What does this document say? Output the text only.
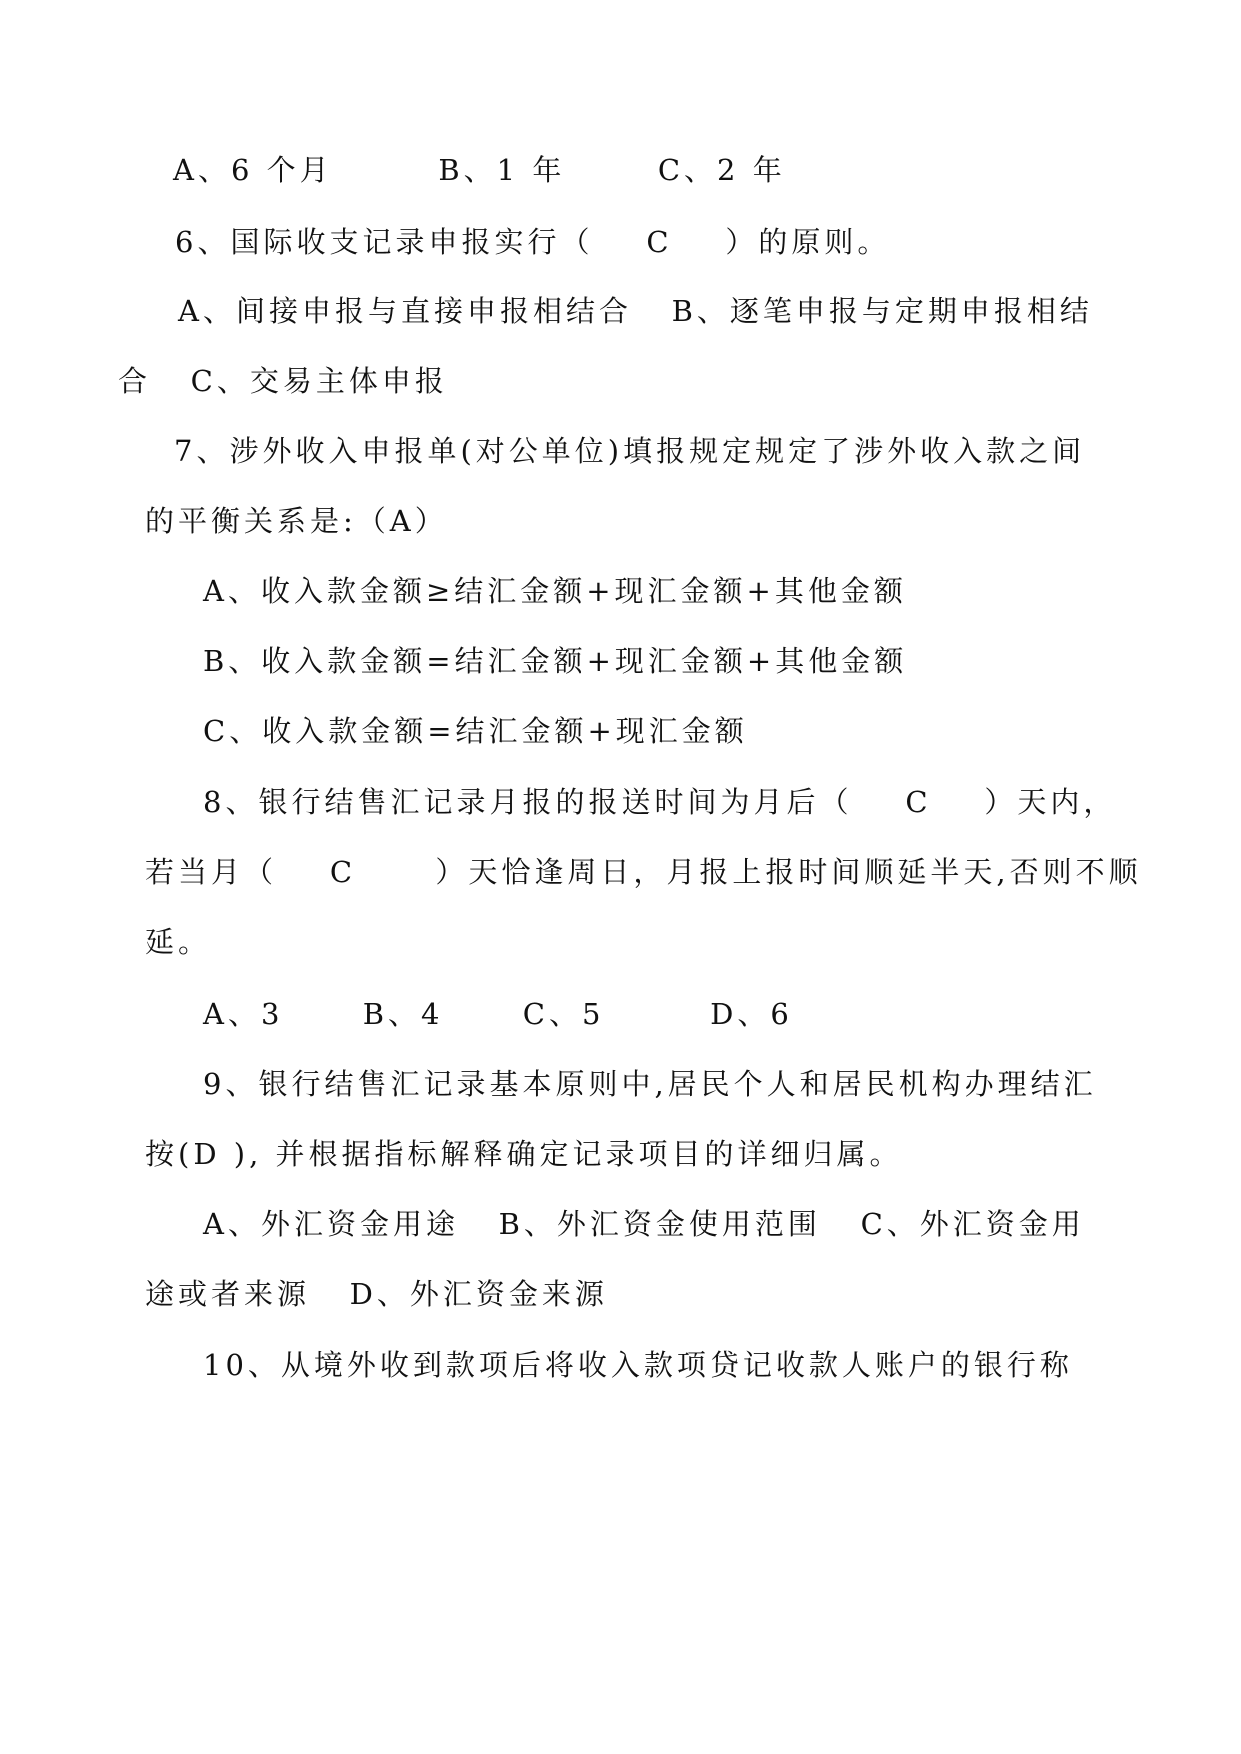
A、6 个月        B、1 年       C、2 年
6、国际收支记录申报实行（    C    ）的原则。
A、间接申报与直接申报相结合   B、逐笔申报与定期申报相结
合   C、交易主体申报
7、涉外收入申报单(对公单位)填报规定规定了涉外收入款之间
的平衡关系是:（A）
A、收入款金额≥结汇金额+现汇金额+其他金额
B、收入款金额=结汇金额+现汇金额+其他金额
C、收入款金额=结汇金额+现汇金额
8、银行结售汇记录月报的报送时间为月后（    C    ）天内，
若当月（    C      ）天恰逢周日，月报上报时间顺延半天,否则不顺
延。
A、3      B、4      C、5        D、6
9、银行结售汇记录基本原则中,居民个人和居民机构办理结汇
按(D ), 并根据指标解释确定记录项目的详细归属。
A、外汇资金用途   B、外汇资金使用范围   C、外汇资金用
途或者来源   D、外汇资金来源
10、从境外收到款项后将收入款项贷记收款人账户的银行称
